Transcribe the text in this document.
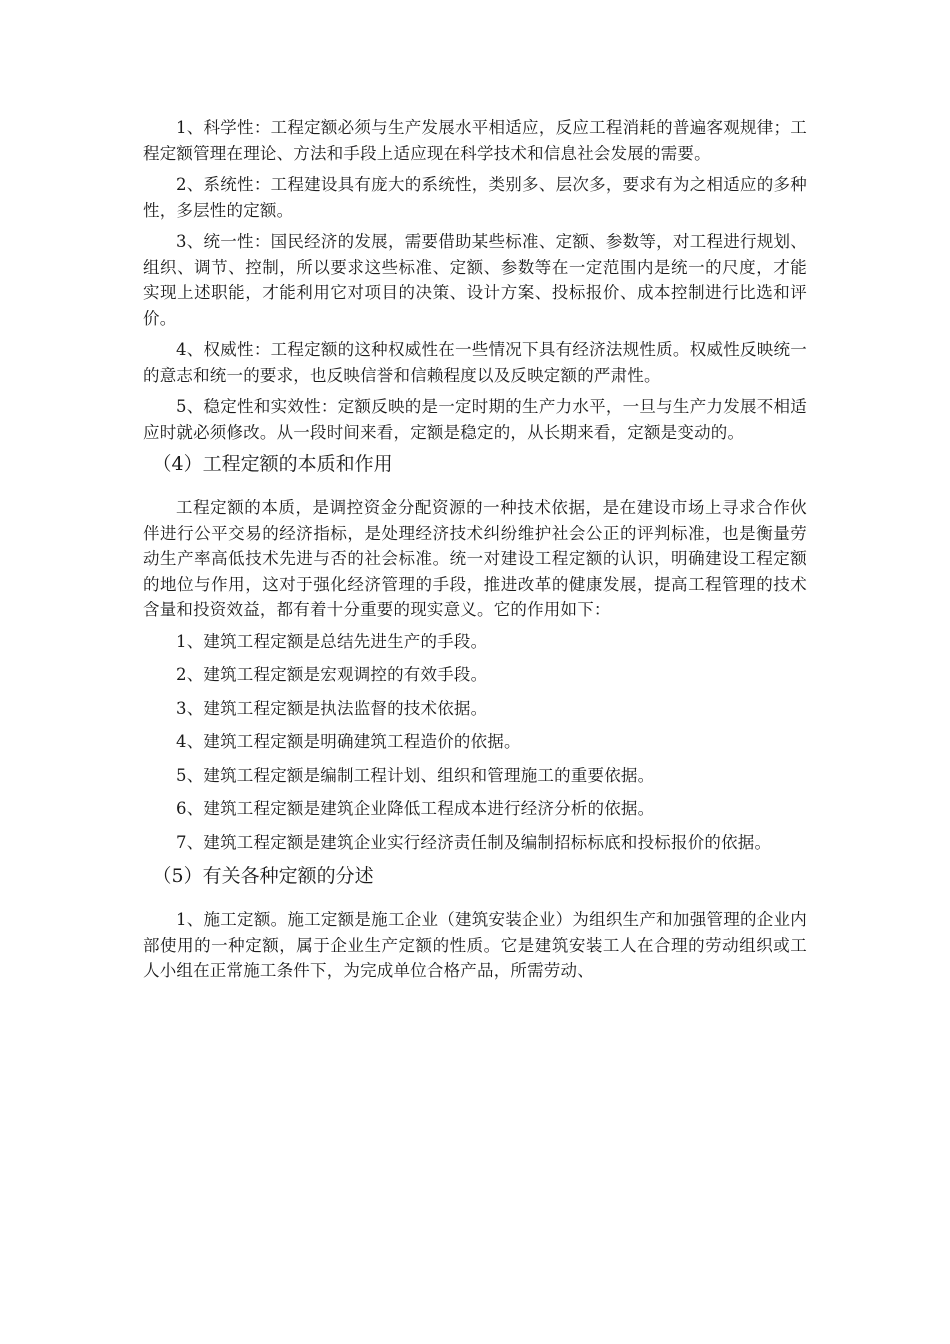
1、科学性：工程定额必须与生产发展水平相适应，反应工程消耗的普遍客观规律；工程定额管理在理论、方法和手段上适应现在科学技术和信息社会发展的需要。

2、系统性：工程建设具有庞大的系统性，类别多、层次多，要求有为之相适应的多种性，多层性的定额。

3、统一性：国民经济的发展，需要借助某些标准、定额、参数等，对工程进行规划、组织、调节、控制，所以要求这些标准、定额、参数等在一定范围内是统一的尺度，才能实现上述职能，才能利用它对项目的决策、设计方案、投标报价、成本控制进行比选和评价。

4、权威性：工程定额的这种权威性在一些情况下具有经济法规性质。权威性反映统一的意志和统一的要求，也反映信誉和信赖程度以及反映定额的严肃性。

5、稳定性和实效性：定额反映的是一定时期的生产力水平，一旦与生产力发展不相适应时就必须修改。从一段时间来看，定额是稳定的，从长期来看，定额是变动的。

（4）工程定额的本质和作用

工程定额的本质，是调控资金分配资源的一种技术依据，是在建设市场上寻求合作伙伴进行公平交易的经济指标，是处理经济技术纠纷维护社会公正的评判标准，也是衡量劳动生产率高低技术先进与否的社会标准。统一对建设工程定额的认识，明确建设工程定额的地位与作用，这对于强化经济管理的手段，推进改革的健康发展，提高工程管理的技术含量和投资效益，都有着十分重要的现实意义。它的作用如下：

1、建筑工程定额是总结先进生产的手段。

2、建筑工程定额是宏观调控的有效手段。

3、建筑工程定额是执法监督的技术依据。

4、建筑工程定额是明确建筑工程造价的依据。

5、建筑工程定额是编制工程计划、组织和管理施工的重要依据。

6、建筑工程定额是建筑企业降低工程成本进行经济分析的依据。

7、建筑工程定额是建筑企业实行经济责任制及编制招标标底和投标报价的依据。

（5）有关各种定额的分述

1、施工定额。施工定额是施工企业（建筑安装企业）为组织生产和加强管理的企业内部使用的一种定额，属于企业生产定额的性质。它是建筑安装工人在合理的劳动组织或工人小组在正常施工条件下，为完成单位合格产品，所需劳动、
